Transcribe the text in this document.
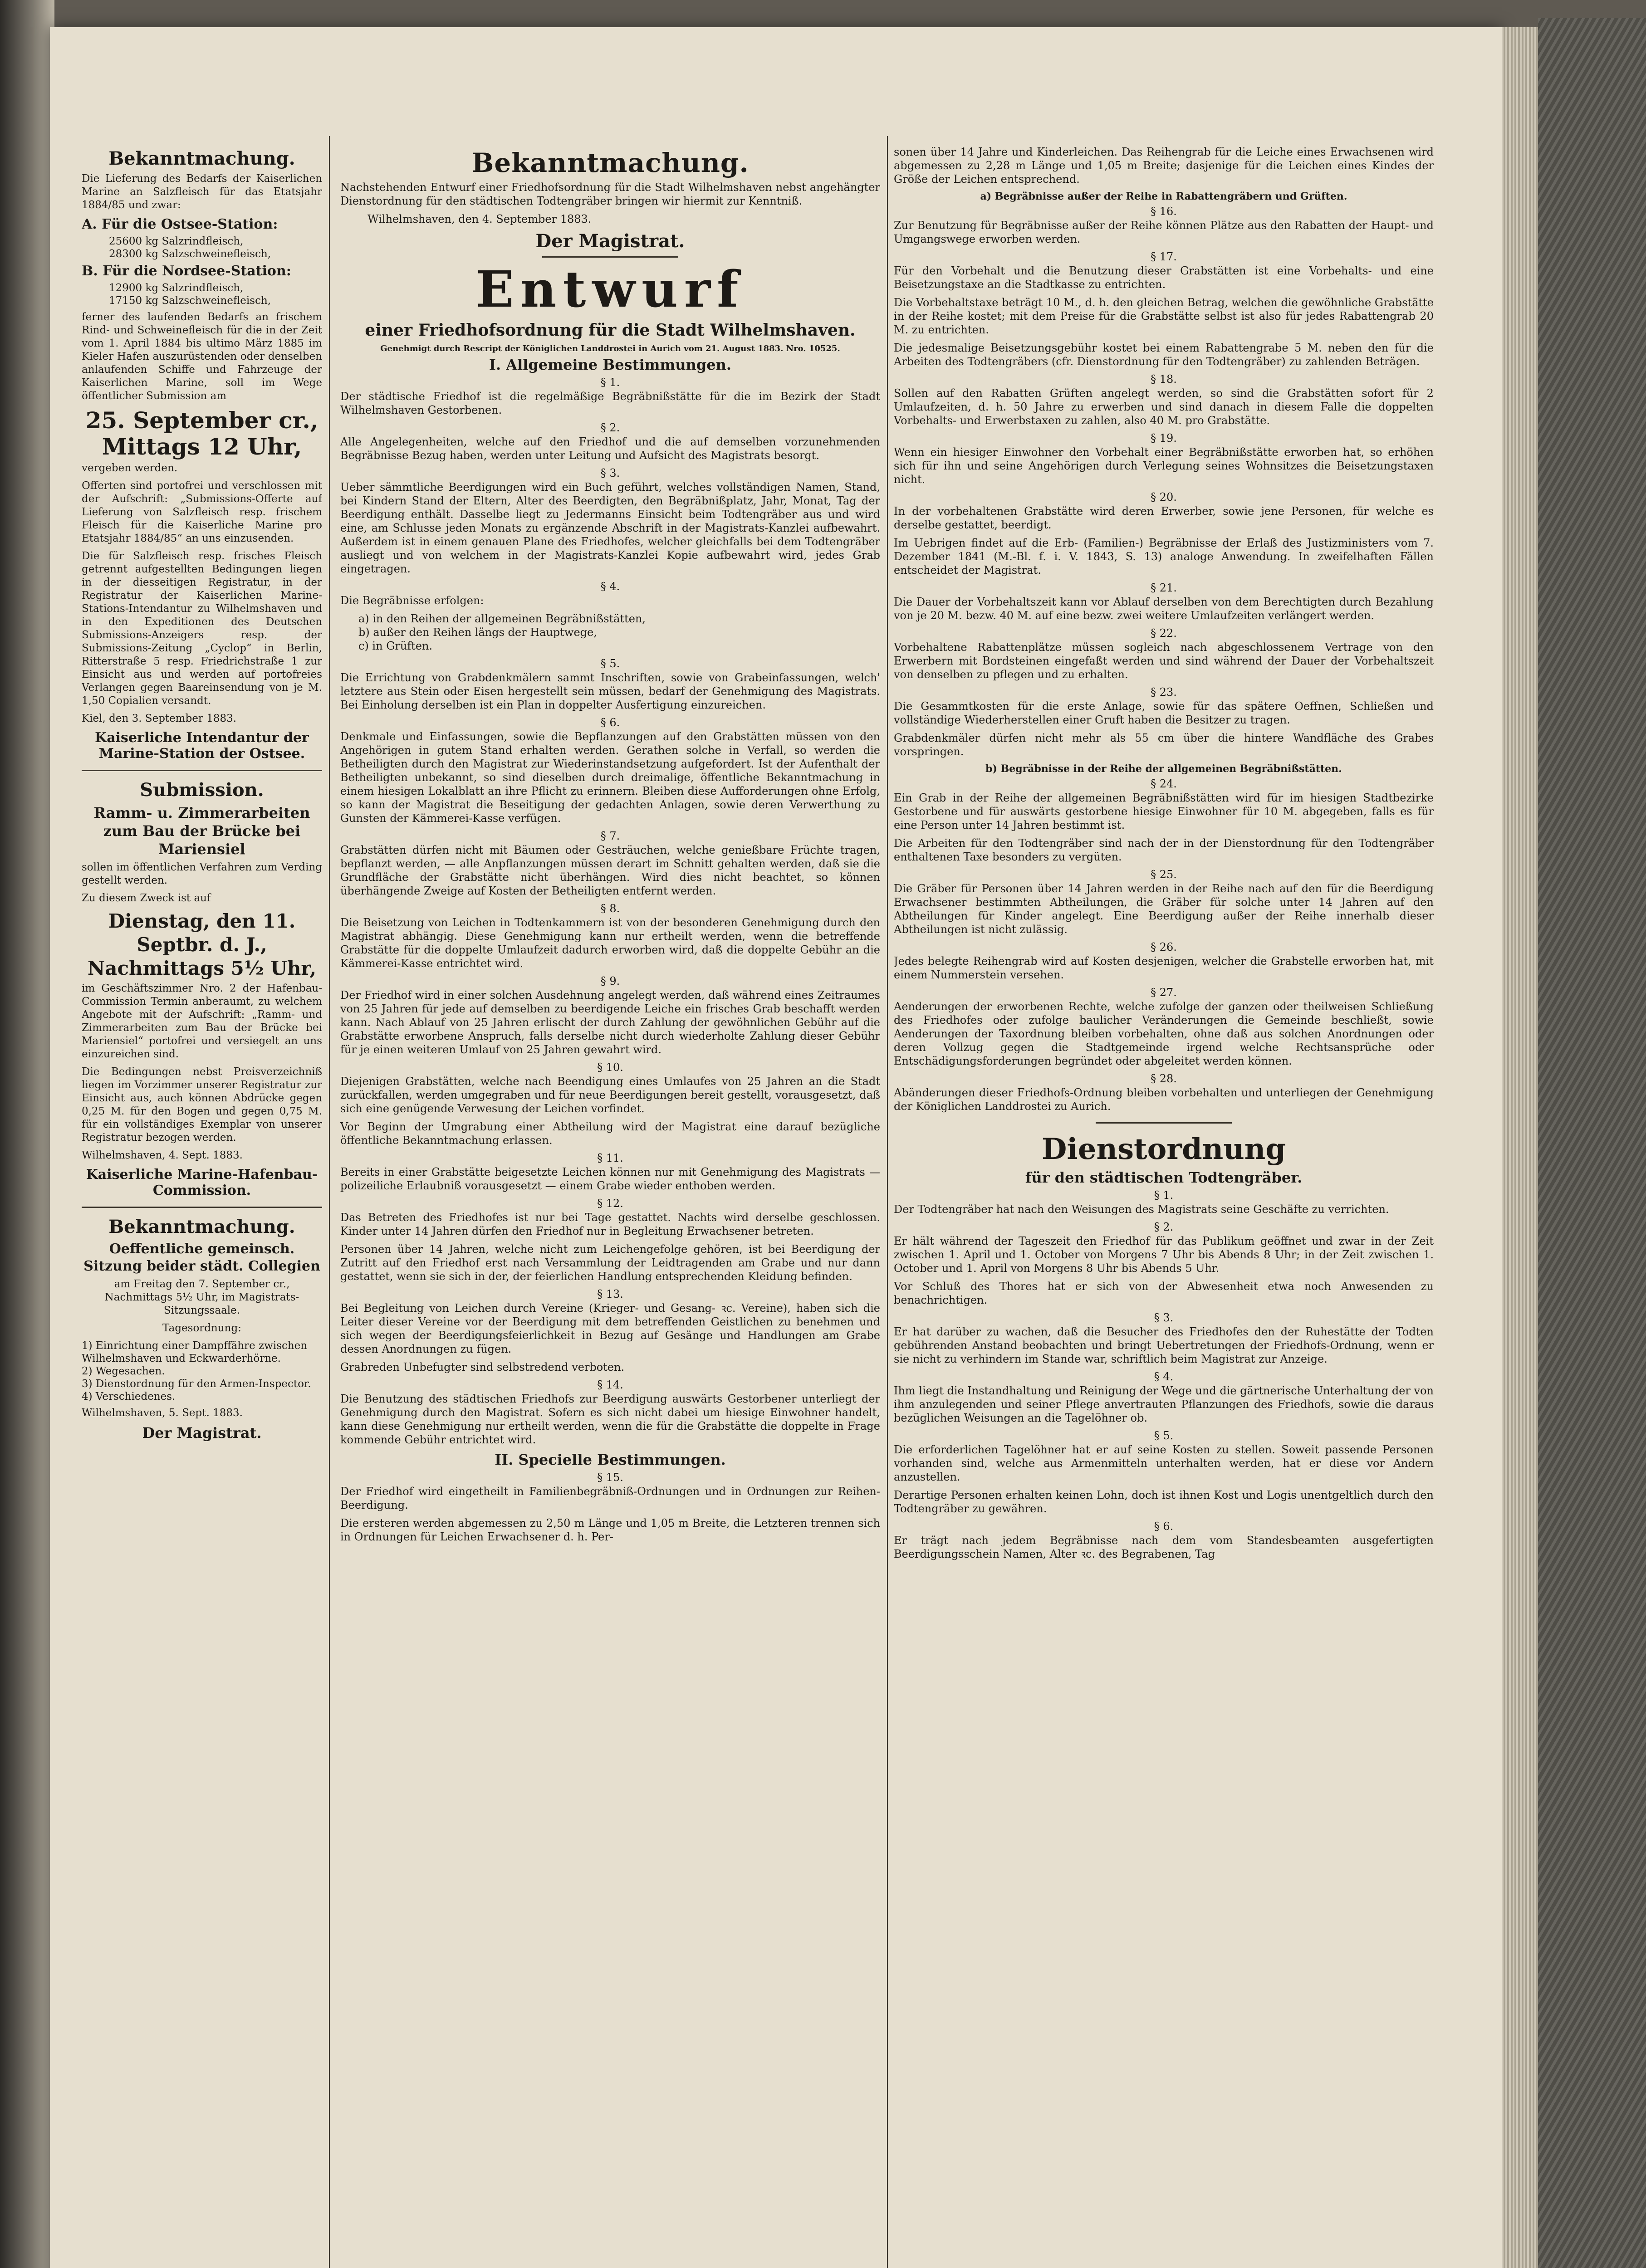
Bekanntmachung.

Die Lieferung des Bedarfs der Kaiserlichen Marine an Salzfleisch für das Etatsjahr 1884/85 und zwar:

A. Für die Ostsee-Station:
25600 kg Salzrindfleisch,
28300 kg Salzschweinefleisch,
B. Für die Nordsee-Station:
12900 kg Salzrindfleisch,
17150 kg Salzschweinefleisch,

ferner des laufenden Bedarfs an frischem Rind- und Schweinefleisch für die in der Zeit vom 1. April 1884 bis ultimo März 1885 im Kieler Hafen auszurüstenden oder denselben anlaufenden Schiffe und Fahrzeuge der Kaiserlichen Marine, soll im Wege öffentlicher Submission am

25. September cr., Mittags 12 Uhr,

vergeben werden.

Offerten sind portofrei und verschlossen mit der Aufschrift: „Submissions-Offerte auf Lieferung von Salzfleisch resp. frischem Fleisch für die Kaiserliche Marine pro Etatsjahr 1884/85“ an uns einzusenden.

Die für Salzfleisch resp. frisches Fleisch getrennt aufgestellten Bedingungen liegen in der diesseitigen Registratur, in der Registratur der Kaiserlichen Marine-Stations-Intendantur zu Wilhelmshaven und in den Expeditionen des Deutschen Submissions-Anzeigers resp. der Submissions-Zeitung „Cyclop“ in Berlin, Ritterstraße 5 resp. Friedrichstraße 1 zur Einsicht aus und werden auf portofreies Verlangen gegen Baareinsendung von je M. 1,50 Copialien versandt.

Kiel, den 3. September 1883.

Kaiserliche Intendantur der Marine-Station der Ostsee.
Submission.
Ramm- u. Zimmerarbeiten zum Bau der Brücke bei Mariensiel

sollen im öffentlichen Verfahren zum Verding gestellt werden.

Zu diesem Zweck ist auf

Dienstag, den 11. Septbr. d. J., Nachmittags 5½ Uhr,

im Geschäftszimmer Nro. 2 der Hafenbau-Commission Termin anberaumt, zu welchem Angebote mit der Aufschrift: „Ramm- und Zimmerarbeiten zum Bau der Brücke bei Mariensiel“ portofrei und versiegelt an uns einzureichen sind.

Die Bedingungen nebst Preisverzeichniß liegen im Vorzimmer unserer Registratur zur Einsicht aus, auch können Abdrücke gegen 0,25 M. für den Bogen und gegen 0,75 M. für ein vollständiges Exemplar von unserer Registratur bezogen werden.

Wilhelmshaven, 4. Sept. 1883.

Kaiserliche Marine-Hafenbau-Commission.
Bekanntmachung.
Oeffentliche gemeinsch. Sitzung beider städt. Collegien

am Freitag den 7. September cr., Nachmittags 5½ Uhr, im Magistrats-Sitzungssaale.

Tagesordnung:

1) Einrichtung einer Dampffähre zwischen Wilhelmshaven und Eckwarderhörne.
2) Wegesachen.
3) Dienstordnung für den Armen-Inspector.
4) Verschiedenes.

Wilhelmshaven, 5. Sept. 1883.

Der Magistrat.
Bekanntmachung.

Nachstehenden Entwurf einer Friedhofsordnung für die Stadt Wilhelmshaven nebst angehängter Dienstordnung für den städtischen Todtengräber bringen wir hiermit zur Kenntniß.

Wilhelmshaven, den 4. September 1883.

Der Magistrat.
Entwurf
einer Friedhofsordnung für die Stadt Wilhelmshaven.
Genehmigt durch Rescript der Königlichen Landdrostei in Aurich vom 21. August 1883. Nro. 10525.
I. Allgemeine Bestimmungen.
§ 1.

Der städtische Friedhof ist die regelmäßige Begräbnißstätte für die im Bezirk der Stadt Wilhelmshaven Gestorbenen.

§ 2.

Alle Angelegenheiten, welche auf den Friedhof und die auf demselben vorzunehmenden Begräbnisse Bezug haben, werden unter Leitung und Aufsicht des Magistrats besorgt.

§ 3.

Ueber sämmtliche Beerdigungen wird ein Buch geführt, welches vollständigen Namen, Stand, bei Kindern Stand der Eltern, Alter des Beerdigten, den Begräbnißplatz, Jahr, Monat, Tag der Beerdigung enthält. Dasselbe liegt zu Jedermanns Einsicht beim Todtengräber aus und wird eine, am Schlusse jeden Monats zu ergänzende Abschrift in der Magistrats-Kanzlei aufbewahrt. Außerdem ist in einem genauen Plane des Friedhofes, welcher gleichfalls bei dem Todtengräber ausliegt und von welchem in der Magistrats-Kanzlei Kopie aufbewahrt wird, jedes Grab eingetragen.

§ 4.

Die Begräbnisse erfolgen:

a) in den Reihen der allgemeinen Begräbnißstätten,
b) außer den Reihen längs der Hauptwege,
c) in Grüften.
§ 5.

Die Errichtung von Grabdenkmälern sammt Inschriften, sowie von Grabeinfassungen, welch' letztere aus Stein oder Eisen hergestellt sein müssen, bedarf der Genehmigung des Magistrats. Bei Einholung derselben ist ein Plan in doppelter Ausfertigung einzureichen.

§ 6.

Denkmale und Einfassungen, sowie die Bepflanzungen auf den Grabstätten müssen von den Angehörigen in gutem Stand erhalten werden. Gerathen solche in Verfall, so werden die Betheiligten durch den Magistrat zur Wiederinstandsetzung aufgefordert. Ist der Aufenthalt der Betheiligten unbekannt, so sind dieselben durch dreimalige, öffentliche Bekanntmachung in einem hiesigen Lokalblatt an ihre Pflicht zu erinnern. Bleiben diese Aufforderungen ohne Erfolg, so kann der Magistrat die Beseitigung der gedachten Anlagen, sowie deren Verwerthung zu Gunsten der Kämmerei-Kasse verfügen.

§ 7.

Grabstätten dürfen nicht mit Bäumen oder Gesträuchen, welche genießbare Früchte tragen, bepflanzt werden, — alle Anpflanzungen müssen derart im Schnitt gehalten werden, daß sie die Grundfläche der Grabstätte nicht überhängen. Wird dies nicht beachtet, so können überhängende Zweige auf Kosten der Betheiligten entfernt werden.

§ 8.

Die Beisetzung von Leichen in Todtenkammern ist von der besonderen Genehmigung durch den Magistrat abhängig. Diese Genehmigung kann nur ertheilt werden, wenn die betreffende Grabstätte für die doppelte Umlaufzeit dadurch erworben wird, daß die doppelte Gebühr an die Kämmerei-Kasse entrichtet wird.

§ 9.

Der Friedhof wird in einer solchen Ausdehnung angelegt werden, daß während eines Zeitraumes von 25 Jahren für jede auf demselben zu beerdigende Leiche ein frisches Grab beschafft werden kann. Nach Ablauf von 25 Jahren erlischt der durch Zahlung der gewöhnlichen Gebühr auf die Grabstätte erworbene Anspruch, falls derselbe nicht durch wiederholte Zahlung dieser Gebühr für je einen weiteren Umlauf von 25 Jahren gewahrt wird.

§ 10.

Diejenigen Grabstätten, welche nach Beendigung eines Umlaufes von 25 Jahren an die Stadt zurückfallen, werden umgegraben und für neue Beerdigungen bereit gestellt, vorausgesetzt, daß sich eine genügende Verwesung der Leichen vorfindet.

Vor Beginn der Umgrabung einer Abtheilung wird der Magistrat eine darauf bezügliche öffentliche Bekanntmachung erlassen.

§ 11.

Bereits in einer Grabstätte beigesetzte Leichen können nur mit Genehmigung des Magistrats — polizeiliche Erlaubniß vorausgesetzt — einem Grabe wieder enthoben werden.

§ 12.

Das Betreten des Friedhofes ist nur bei Tage gestattet. Nachts wird derselbe geschlossen. Kinder unter 14 Jahren dürfen den Friedhof nur in Begleitung Erwachsener betreten.

Personen über 14 Jahren, welche nicht zum Leichengefolge gehören, ist bei Beerdigung der Zutritt auf den Friedhof erst nach Versammlung der Leidtragenden am Grabe und nur dann gestattet, wenn sie sich in der, der feierlichen Handlung entsprechenden Kleidung befinden.

§ 13.

Bei Begleitung von Leichen durch Vereine (Krieger- und Gesang- ꝛc. Vereine), haben sich die Leiter dieser Vereine vor der Beerdigung mit dem betreffenden Geistlichen zu benehmen und sich wegen der Beerdigungsfeierlichkeit in Bezug auf Gesänge und Handlungen am Grabe dessen Anordnungen zu fügen.

Grabreden Unbefugter sind selbstredend verboten.

§ 14.

Die Benutzung des städtischen Friedhofs zur Beerdigung auswärts Gestorbener unterliegt der Genehmigung durch den Magistrat. Sofern es sich nicht dabei um hiesige Einwohner handelt, kann diese Genehmigung nur ertheilt werden, wenn die für die Grabstätte die doppelte in Frage kommende Gebühr entrichtet wird.

II. Specielle Bestimmungen.
§ 15.

Der Friedhof wird eingetheilt in Familienbegräbniß-Ordnungen und in Ordnungen zur Reihen-Beerdigung.

Die ersteren werden abgemessen zu 2,50 m Länge und 1,05 m Breite, die Letzteren trennen sich in Ordnungen für Leichen Erwachsener d. h. Per-

sonen über 14 Jahre und Kinderleichen. Das Reihengrab für die Leiche eines Erwachsenen wird abgemessen zu 2,28 m Länge und 1,05 m Breite; dasjenige für die Leichen eines Kindes der Größe der Leichen entsprechend.

a) Begräbnisse außer der Reihe in Rabattengräbern und Grüften.
§ 16.

Zur Benutzung für Begräbnisse außer der Reihe können Plätze aus den Rabatten der Haupt- und Umgangswege erworben werden.

§ 17.

Für den Vorbehalt und die Benutzung dieser Grabstätten ist eine Vorbehalts- und eine Beisetzungstaxe an die Stadtkasse zu entrichten.

Die Vorbehaltstaxe beträgt 10 M., d. h. den gleichen Betrag, welchen die gewöhnliche Grabstätte in der Reihe kostet; mit dem Preise für die Grabstätte selbst ist also für jedes Rabattengrab 20 M. zu entrichten.

Die jedesmalige Beisetzungsgebühr kostet bei einem Rabattengrabe 5 M. neben den für die Arbeiten des Todtengräbers (cfr. Dienstordnung für den Todtengräber) zu zahlenden Beträgen.

§ 18.

Sollen auf den Rabatten Grüften angelegt werden, so sind die Grabstätten sofort für 2 Umlaufzeiten, d. h. 50 Jahre zu erwerben und sind danach in diesem Falle die doppelten Vorbehalts- und Erwerbstaxen zu zahlen, also 40 M. pro Grabstätte.

§ 19.

Wenn ein hiesiger Einwohner den Vorbehalt einer Begräbnißstätte erworben hat, so erhöhen sich für ihn und seine Angehörigen durch Verlegung seines Wohnsitzes die Beisetzungstaxen nicht.

§ 20.

In der vorbehaltenen Grabstätte wird deren Erwerber, sowie jene Personen, für welche es derselbe gestattet, beerdigt.

Im Uebrigen findet auf die Erb- (Familien-) Begräbnisse der Erlaß des Justizministers vom 7. Dezember 1841 (M.-Bl. f. i. V. 1843, S. 13) analoge Anwendung. In zweifelhaften Fällen entscheidet der Magistrat.

§ 21.

Die Dauer der Vorbehaltszeit kann vor Ablauf derselben von dem Berechtigten durch Bezahlung von je 20 M. bezw. 40 M. auf eine bezw. zwei weitere Umlaufzeiten verlängert werden.

§ 22.

Vorbehaltene Rabattenplätze müssen sogleich nach abgeschlossenem Vertrage von den Erwerbern mit Bordsteinen eingefaßt werden und sind während der Dauer der Vorbehaltszeit von denselben zu pflegen und zu erhalten.

§ 23.

Die Gesammtkosten für die erste Anlage, sowie für das spätere Oeffnen, Schließen und vollständige Wiederherstellen einer Gruft haben die Besitzer zu tragen.

Grabdenkmäler dürfen nicht mehr als 55 cm über die hintere Wandfläche des Grabes vorspringen.

b) Begräbnisse in der Reihe der allgemeinen Begräbnißstätten.
§ 24.

Ein Grab in der Reihe der allgemeinen Begräbnißstätten wird für im hiesigen Stadtbezirke Gestorbene und für auswärts gestorbene hiesige Einwohner für 10 M. abgegeben, falls es für eine Person unter 14 Jahren bestimmt ist.

Die Arbeiten für den Todtengräber sind nach der in der Dienstordnung für den Todtengräber enthaltenen Taxe besonders zu vergüten.

§ 25.

Die Gräber für Personen über 14 Jahren werden in der Reihe nach auf den für die Beerdigung Erwachsener bestimmten Abtheilungen, die Gräber für solche unter 14 Jahren auf den Abtheilungen für Kinder angelegt. Eine Beerdigung außer der Reihe innerhalb dieser Abtheilungen ist nicht zulässig.

§ 26.

Jedes belegte Reihengrab wird auf Kosten desjenigen, welcher die Grabstelle erworben hat, mit einem Nummerstein versehen.

§ 27.

Aenderungen der erworbenen Rechte, welche zufolge der ganzen oder theilweisen Schließung des Friedhofes oder zufolge baulicher Veränderungen die Gemeinde beschließt, sowie Aenderungen der Taxordnung bleiben vorbehalten, ohne daß aus solchen Anordnungen oder deren Vollzug gegen die Stadtgemeinde irgend welche Rechtsansprüche oder Entschädigungsforderungen begründet oder abgeleitet werden können.

§ 28.

Abänderungen dieser Friedhofs-Ordnung bleiben vorbehalten und unterliegen der Genehmigung der Königlichen Landdrostei zu Aurich.

Dienstordnung
für den städtischen Todtengräber.
§ 1.

Der Todtengräber hat nach den Weisungen des Magistrats seine Geschäfte zu verrichten.

§ 2.

Er hält während der Tageszeit den Friedhof für das Publikum geöffnet und zwar in der Zeit zwischen 1. April und 1. October von Morgens 7 Uhr bis Abends 8 Uhr; in der Zeit zwischen 1. October und 1. April von Morgens 8 Uhr bis Abends 5 Uhr.

Vor Schluß des Thores hat er sich von der Abwesenheit etwa noch Anwesenden zu benachrichtigen.

§ 3.

Er hat darüber zu wachen, daß die Besucher des Friedhofes den der Ruhestätte der Todten gebührenden Anstand beobachten und bringt Uebertretungen der Friedhofs-Ordnung, wenn er sie nicht zu verhindern im Stande war, schriftlich beim Magistrat zur Anzeige.

§ 4.

Ihm liegt die Instandhaltung und Reinigung der Wege und die gärtnerische Unterhaltung der von ihm anzulegenden und seiner Pflege anvertrauten Pflanzungen des Friedhofs, sowie die daraus bezüglichen Weisungen an die Tagelöhner ob.

§ 5.

Die erforderlichen Tagelöhner hat er auf seine Kosten zu stellen. Soweit passende Personen vorhanden sind, welche aus Armenmitteln unterhalten werden, hat er diese vor Andern anzustellen.

Derartige Personen erhalten keinen Lohn, doch ist ihnen Kost und Logis unentgeltlich durch den Todtengräber zu gewähren.

§ 6.

Er trägt nach jedem Begräbnisse nach dem vom Standesbeamten ausgefertigten Beerdigungsschein Namen, Alter ꝛc. des Begrabenen, Tag
